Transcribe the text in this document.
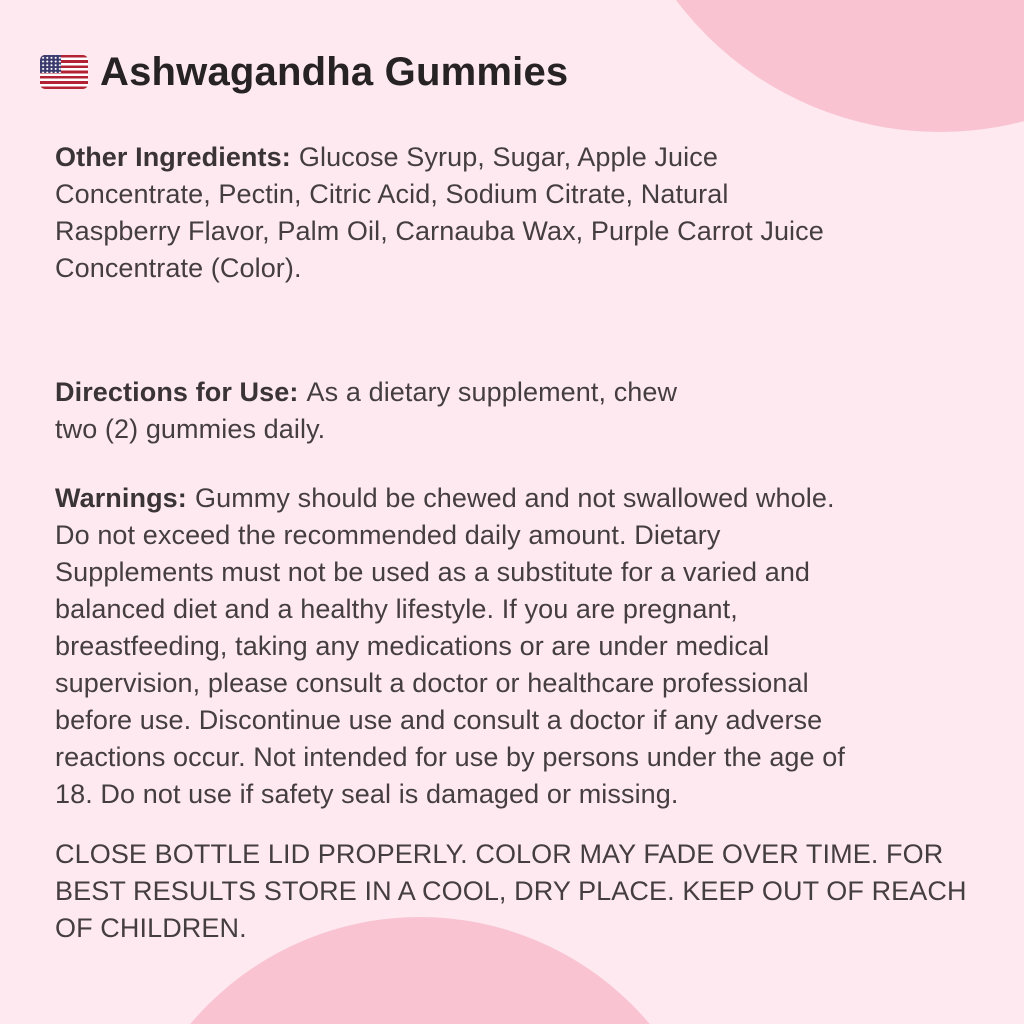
Ashwagandha Gummies

Other Ingredients: Glucose Syrup, Sugar, Apple Juice
Concentrate, Pectin, Citric Acid, Sodium Citrate, Natural
Raspberry Flavor, Palm Oil, Carnauba Wax, Purple Carrot Juice
Concentrate (Color).

Directions for Use: As a dietary supplement, chew
two (2) gummies daily.

Warnings: Gummy should be chewed and not swallowed whole.
Do not exceed the recommended daily amount. Dietary
Supplements must not be used as a substitute for a varied and
balanced diet and a healthy lifestyle. If you are pregnant,
breastfeeding, taking any medications or are under medical
supervision, please consult a doctor or healthcare professional
before use. Discontinue use and consult a doctor if any adverse
reactions occur. Not intended for use by persons under the age of
18. Do not use if safety seal is damaged or missing.

CLOSE BOTTLE LID PROPERLY. COLOR MAY FADE OVER TIME. FOR
BEST RESULTS STORE IN A COOL, DRY PLACE. KEEP OUT OF REACH
OF CHILDREN.
